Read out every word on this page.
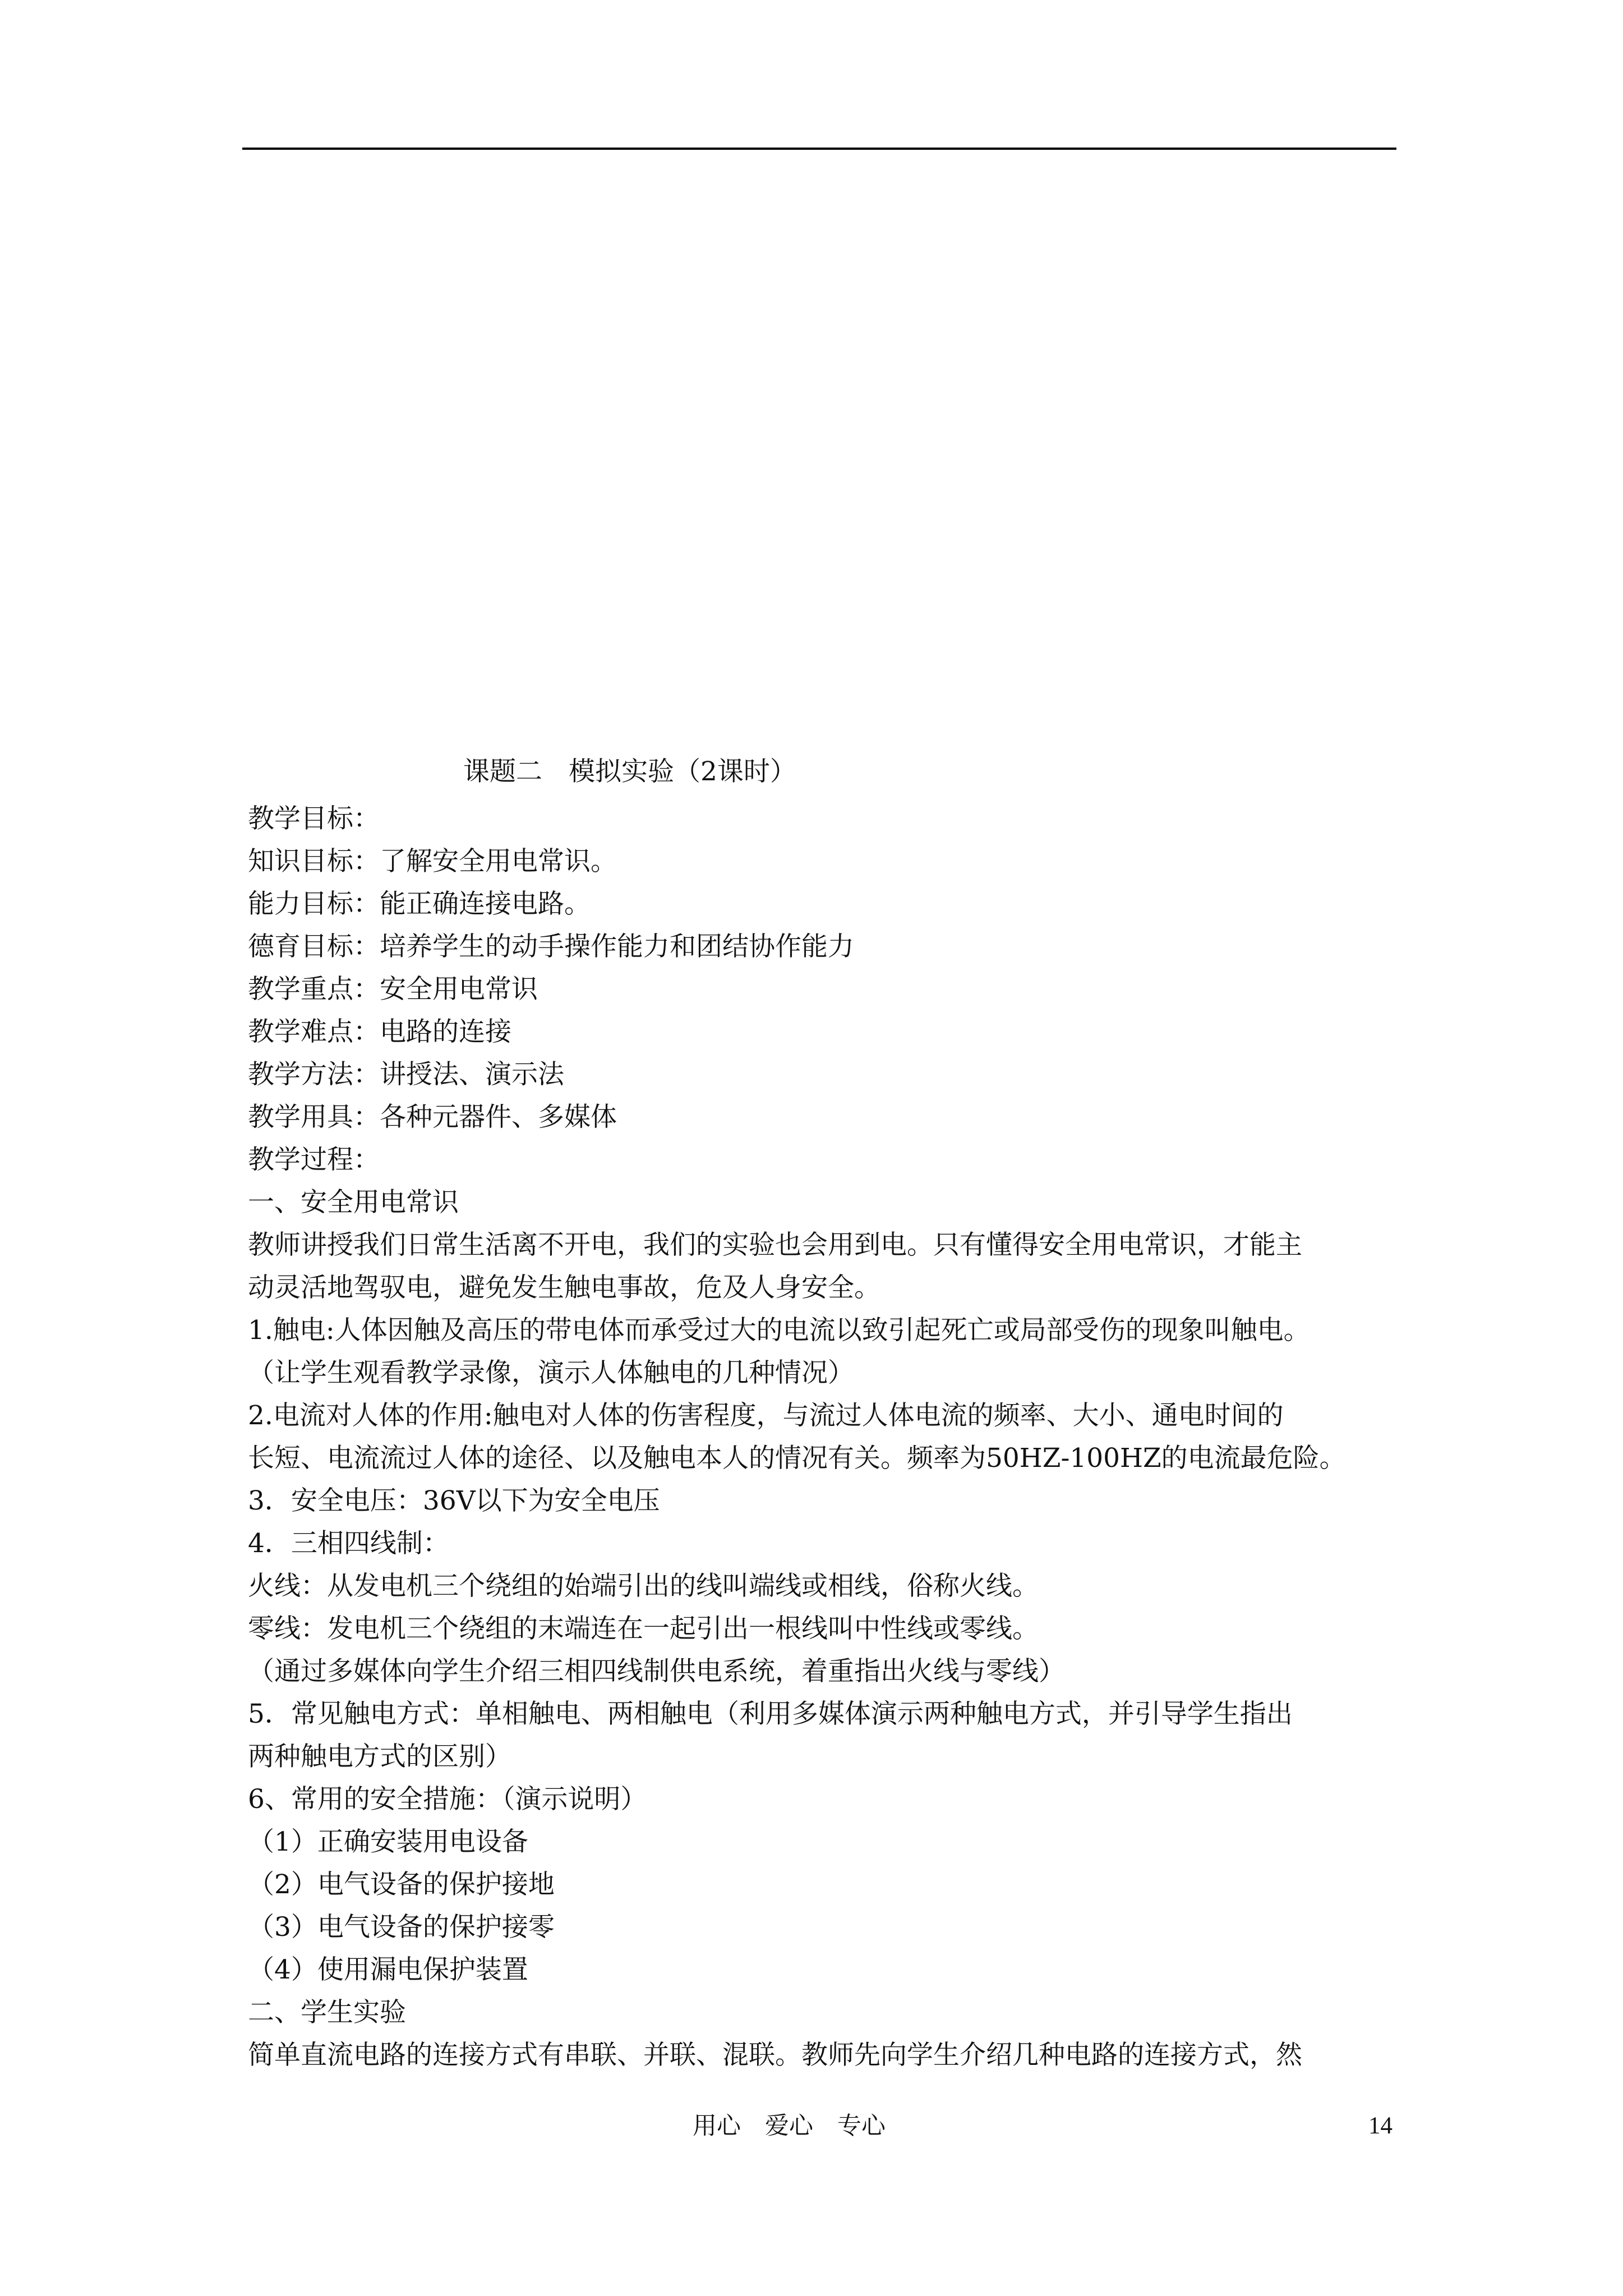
课题二　模拟实验（2课时）

教学目标：

知识目标：了解安全用电常识。

能力目标：能正确连接电路。

德育目标：培养学生的动手操作能力和团结协作能力

教学重点：安全用电常识

教学难点：电路的连接

教学方法：讲授法、演示法

教学用具：各种元器件、多媒体

教学过程：

一、安全用电常识

教师讲授我们日常生活离不开电，我们的实验也会用到电。只有懂得安全用电常识，才能主

动灵活地驾驭电，避免发生触电事故，危及人身安全。

1.触电:人体因触及高压的带电体而承受过大的电流以致引起死亡或局部受伤的现象叫触电。

（让学生观看教学录像，演示人体触电的几种情况）

2.电流对人体的作用:触电对人体的伤害程度，与流过人体电流的频率、大小、通电时间的

长短、电流流过人体的途径、以及触电本人的情况有关。频率为50HZ-100HZ的电流最危险。

3．安全电压：36V以下为安全电压

4．三相四线制：

火线：从发电机三个绕组的始端引出的线叫端线或相线，俗称火线。

零线：发电机三个绕组的末端连在一起引出一根线叫中性线或零线。

（通过多媒体向学生介绍三相四线制供电系统，着重指出火线与零线）

5．常见触电方式：单相触电、两相触电（利用多媒体演示两种触电方式，并引导学生指出

两种触电方式的区别）

6、常用的安全措施：（演示说明）

（1）正确安装用电设备

（2）电气设备的保护接地

（3）电气设备的保护接零

（4）使用漏电保护装置

二、学生实验

简单直流电路的连接方式有串联、并联、混联。教师先向学生介绍几种电路的连接方式，然

用心　爱心　专心	14
